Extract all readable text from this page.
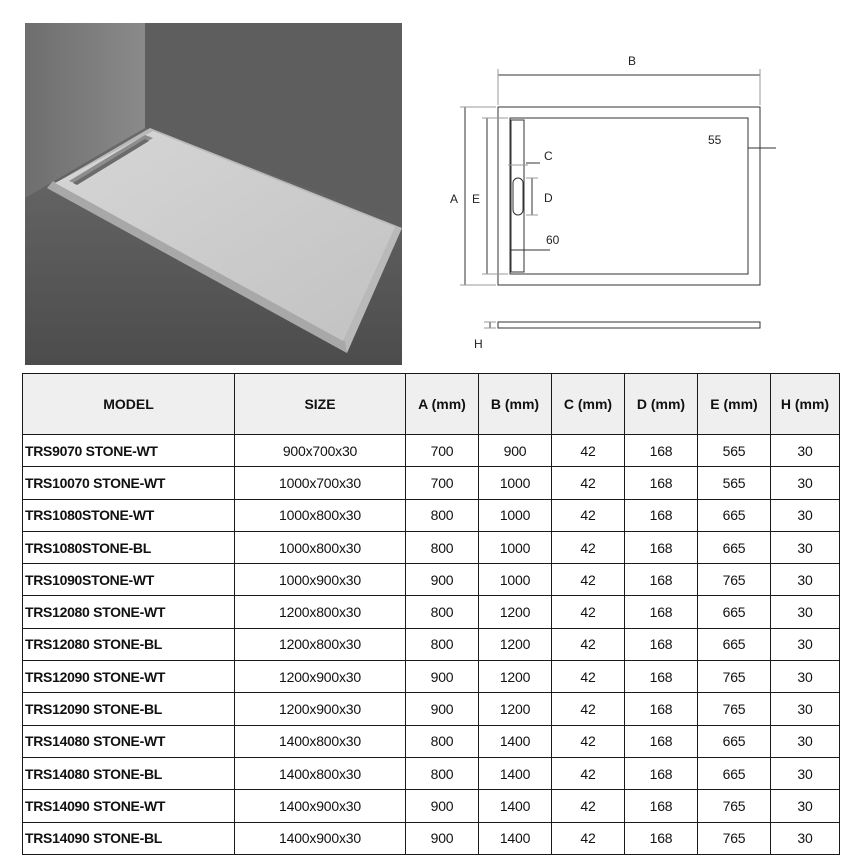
B
A E
C
D
60
55
H
MODEL	SIZE	A (mm)	B (mm)	C (mm)	D (mm)	E (mm)	H (mm)
TRS9070 STONE-WT	900x700x30	700	900	42	168	565	30
TRS10070 STONE-WT	1000x700x30	700	1000	42	168	565	30
TRS1080STONE-WT	1000x800x30	800	1000	42	168	665	30
TRS1080STONE-BL	1000x800x30	800	1000	42	168	665	30
TRS1090STONE-WT	1000x900x30	900	1000	42	168	765	30
TRS12080 STONE-WT	1200x800x30	800	1200	42	168	665	30
TRS12080 STONE-BL	1200x800x30	800	1200	42	168	665	30
TRS12090 STONE-WT	1200x900x30	900	1200	42	168	765	30
TRS12090 STONE-BL	1200x900x30	900	1200	42	168	765	30
TRS14080 STONE-WT	1400x800x30	800	1400	42	168	665	30
TRS14080 STONE-BL	1400x800x30	800	1400	42	168	665	30
TRS14090 STONE-WT	1400x900x30	900	1400	42	168	765	30
TRS14090 STONE-BL	1400x900x30	900	1400	42	168	765	30
